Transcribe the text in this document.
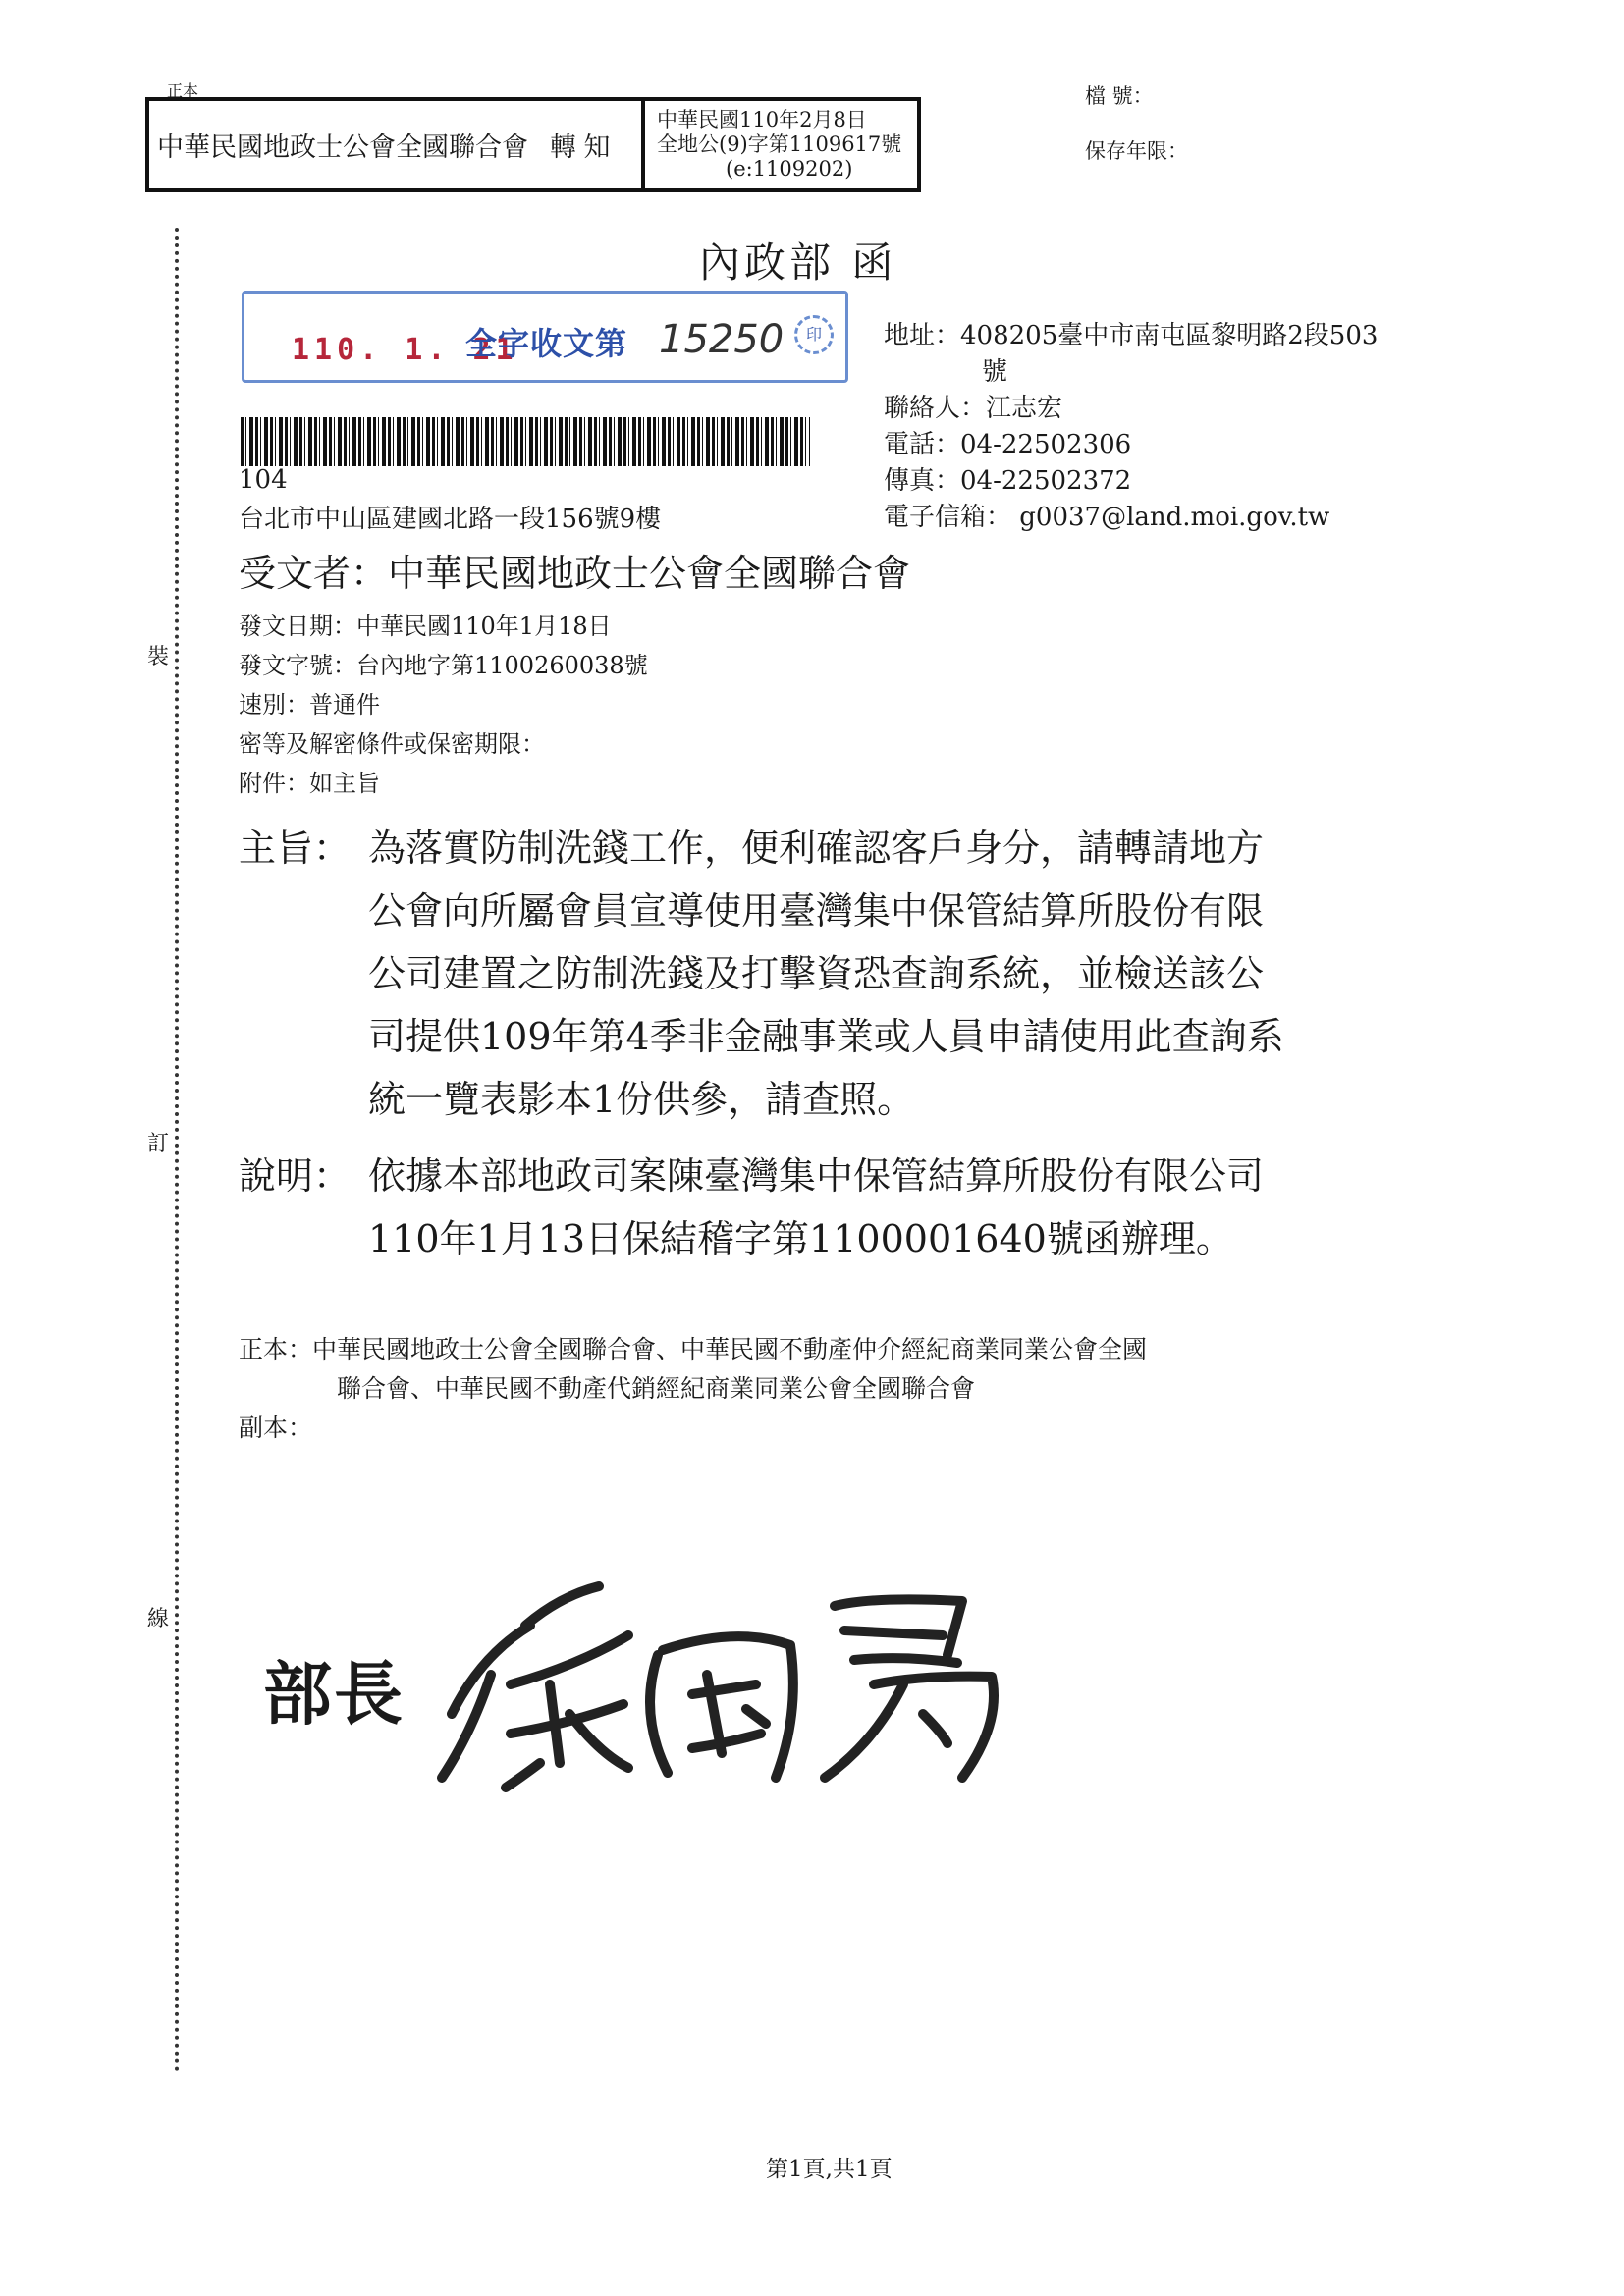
正本
中華民國地政士公會全國聯合會 轉 知
中華民國110年2月8日
全地公(9)字第1109617號
(e:1109202)
檔 號：
保存年限：
裝
訂
線
內政部 函
110. 1. 21
全字收文第 15250	印
104
地址：408205臺中市南屯區黎明路2段503
號
聯絡人：江志宏
電話：04-22502306
傳真：04-22502372
電子信箱： g0037@land.moi.gov.tw
台北市中山區建國北路一段156號9樓
受文者：中華民國地政士公會全國聯合會
發文日期：中華民國110年1月18日
發文字號：台內地字第1100260038號
速別：普通件
密等及解密條件或保密期限：
附件：如主旨
主旨： 為落實防制洗錢工作，便利確認客戶身分，請轉請地方
公會向所屬會員宣導使用臺灣集中保管結算所股份有限
公司建置之防制洗錢及打擊資恐查詢系統，並檢送該公
司提供109年第4季非金融事業或人員申請使用此查詢系
統一覽表影本1份供參，請查照。
說明： 依據本部地政司案陳臺灣集中保管結算所股份有限公司
110年1月13日保結稽字第1100001640號函辦理。
正本：中華民國地政士公會全國聯合會、中華民國不動產仲介經紀商業同業公會全國
聯合會、中華民國不動產代銷經紀商業同業公會全國聯合會
副本：
部長
第1頁,共1頁
